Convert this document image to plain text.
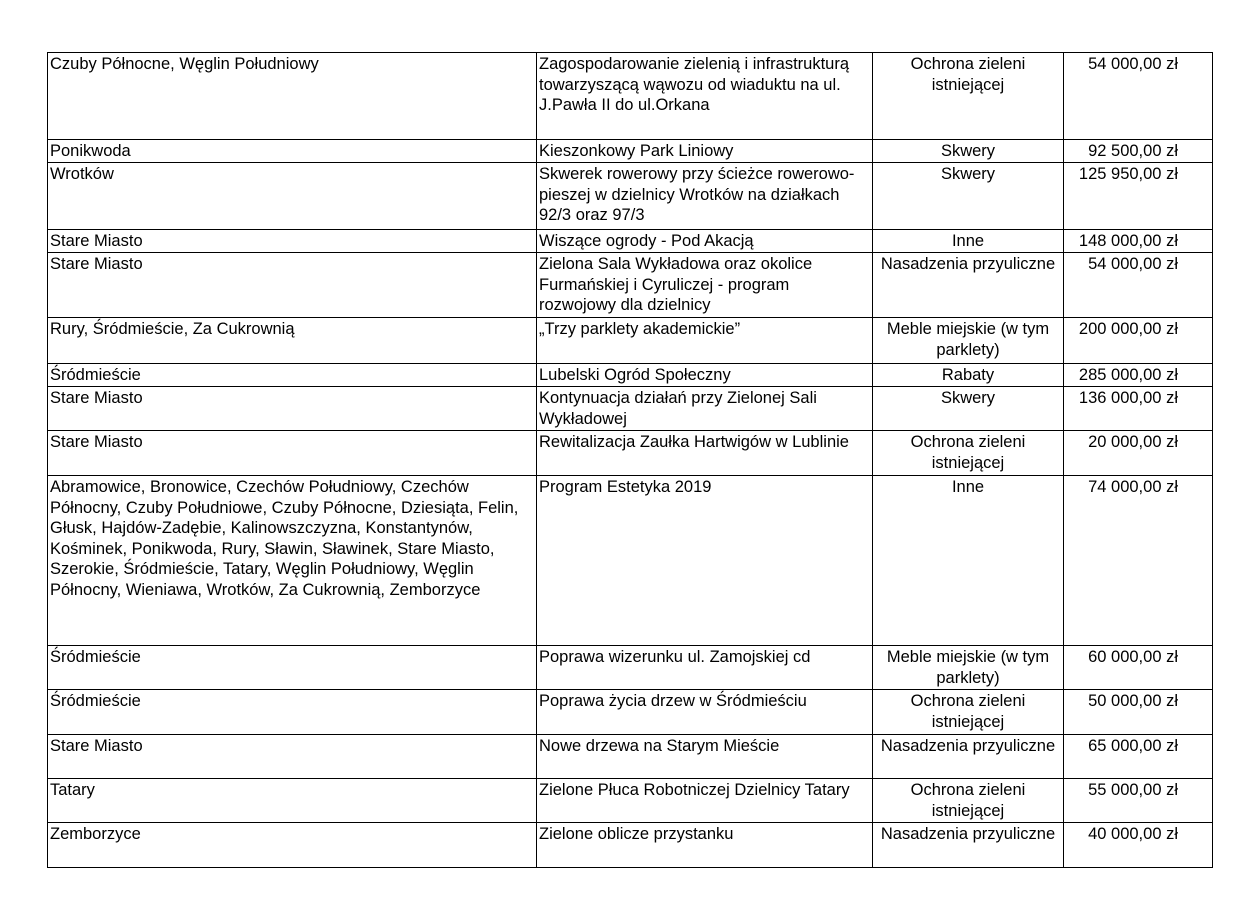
Czuby Północne, Węglin Południowy	Zagospodarowanie zielenią i infrastrukturą towarzyszącą wąwozu od wiaduktu na ul. J.Pawła II do ul.Orkana	Ochrona zieleni istniejącej	54 000,00 zł
Ponikwoda	Kieszonkowy Park Liniowy	Skwery	92 500,00 zł
Wrotków	Skwerek rowerowy przy ścieżce rowerowo-pieszej w dzielnicy Wrotków na działkach 92/3 oraz 97/3	Skwery	125 950,00 zł
Stare Miasto	Wiszące ogrody - Pod Akacją	Inne	148 000,00 zł
Stare Miasto	Zielona Sala Wykładowa oraz okolice Furmańskiej i Cyruliczej - program rozwojowy dla dzielnicy	Nasadzenia przyuliczne	54 000,00 zł
Rury, Śródmieście, Za Cukrownią	„Trzy parklety akademickie”	Meble miejskie (w tym parklety)	200 000,00 zł
Śródmieście	Lubelski Ogród Społeczny	Rabaty	285 000,00 zł
Stare Miasto	Kontynuacja działań przy Zielonej Sali Wykładowej	Skwery	136 000,00 zł
Stare Miasto	Rewitalizacja Zaułka Hartwigów w Lublinie	Ochrona zieleni istniejącej	20 000,00 zł
Abramowice, Bronowice, Czechów Południowy, Czechów Północny, Czuby Południowe, Czuby Północne, Dziesiąta, Felin, Głusk, Hajdów-Zadębie, Kalinowszczyzna, Konstantynów, Kośminek, Ponikwoda, Rury, Sławin, Sławinek, Stare Miasto, Szerokie, Śródmieście, Tatary, Węglin Południowy, Węglin Północny, Wieniawa, Wrotków, Za Cukrownią, Zemborzyce	Program Estetyka 2019	Inne	74 000,00 zł
Śródmieście	Poprawa wizerunku ul. Zamojskiej cd	Meble miejskie (w tym parklety)	60 000,00 zł
Śródmieście	Poprawa życia drzew w Śródmieściu	Ochrona zieleni istniejącej	50 000,00 zł
Stare Miasto	Nowe drzewa na Starym Mieście	Nasadzenia przyuliczne	65 000,00 zł
Tatary	Zielone Płuca Robotniczej Dzielnicy Tatary	Ochrona zieleni istniejącej	55 000,00 zł
Zemborzyce	Zielone oblicze przystanku	Nasadzenia przyuliczne	40 000,00 zł
